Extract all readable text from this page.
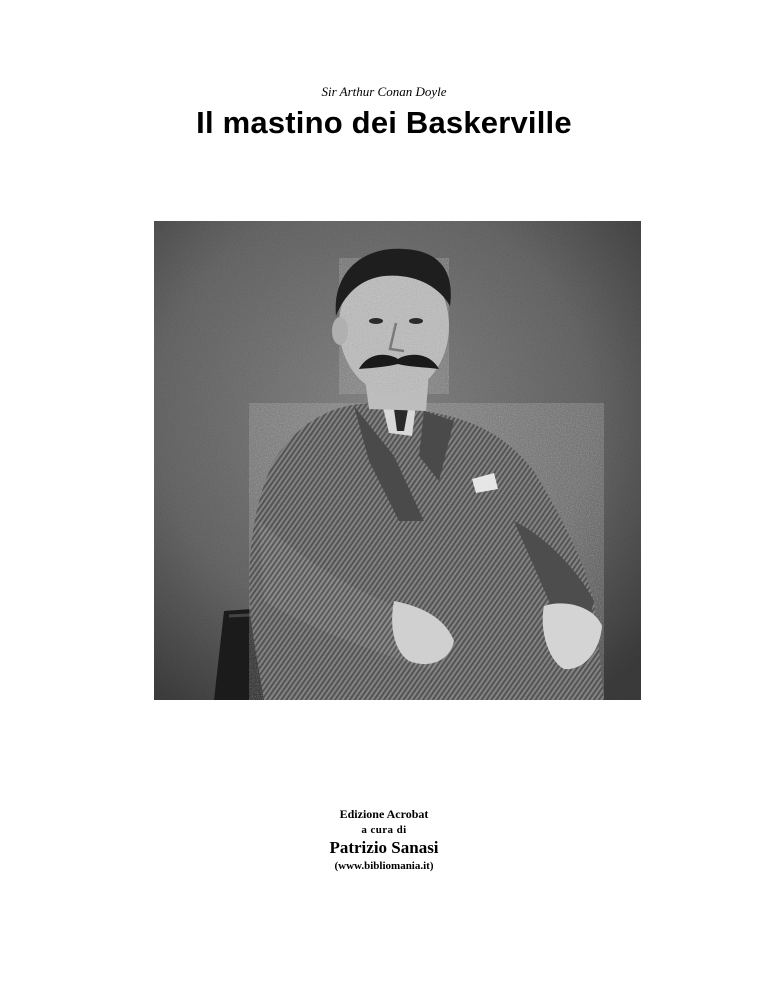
Sir Arthur Conan Doyle
Il mastino dei Baskerville
Edizione Acrobat
a cura di
Patrizio Sanasi
(www.bibliomania.it)
